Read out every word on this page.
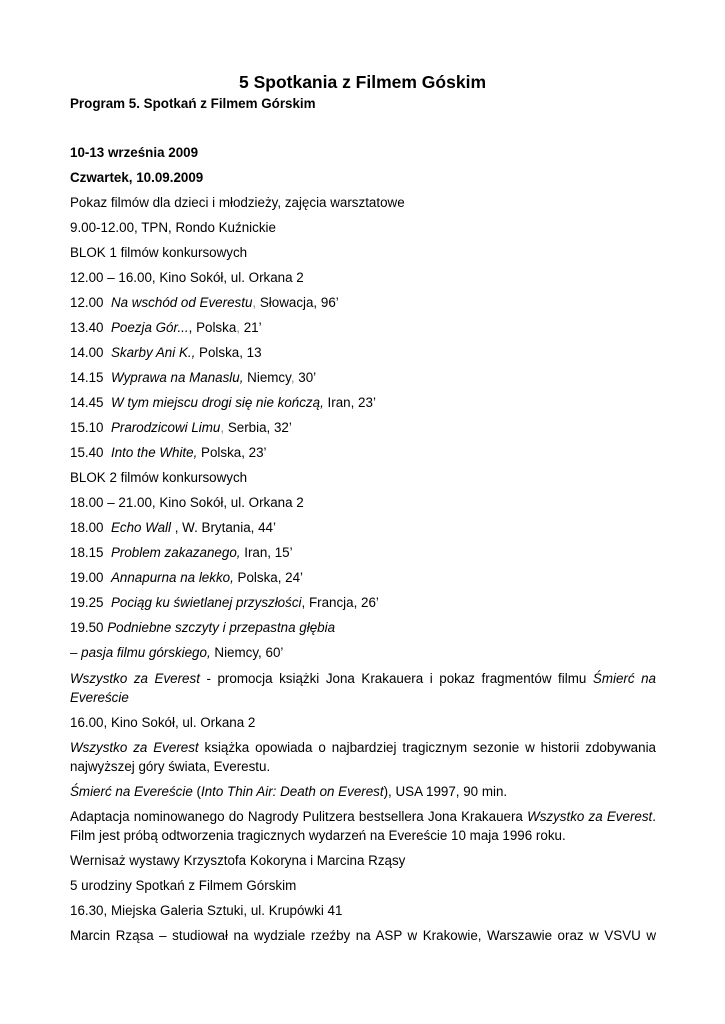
5 Spotkania z Filmem Góskim
Program 5. Spotkań z Filmem Górskim
10-13 września 2009
Czwartek, 10.09.2009
Pokaz filmów dla dzieci i młodzieży, zajęcia warsztatowe
9.00-12.00, TPN, Rondo Kuźnickie
BLOK 1 filmów konkursowych
12.00 – 16.00, Kino Sokół, ul. Orkana 2
12.00 Na wschód od Everestu, Słowacja, 96’
13.40 Poezja Gór..., Polska, 21’
14.00 Skarby Ani K., Polska, 13
14.15 Wyprawa na Manaslu, Niemcy, 30’
14.45 W tym miejscu drogi się nie kończą, Iran, 23’
15.10 Prarodzicowi Limu, Serbia, 32’
15.40 Into the White, Polska, 23’
BLOK 2 filmów konkursowych
18.00 – 21.00, Kino Sokół, ul. Orkana 2
18.00 Echo Wall , W. Brytania, 44’
18.15 Problem zakazanego, Iran, 15’
19.00 Annapurna na lekko, Polska, 24’
19.25 Pociąg ku świetlanej przyszłości, Francja, 26’
19.50 Podniebne szczyty i przepastna głębia
– pasja filmu górskiego, Niemcy, 60’
Wszystko za Everest - promocja książki Jona Krakauera i pokaz fragmentów filmu Śmierć na
Evereście
16.00, Kino Sokół, ul. Orkana 2
Wszystko za Everest książka opowiada o najbardziej tragicznym sezonie w historii zdobywania
najwyższej góry świata, Everestu.
Śmierć na Evereście (Into Thin Air: Death on Everest), USA 1997, 90 min.
Adaptacja nominowanego do Nagrody Pulitzera bestsellera Jona Krakauera Wszystko za Everest.
Film jest próbą odtworzenia tragicznych wydarzeń na Evereście 10 maja 1996 roku.
Wernisaż wystawy Krzysztofa Kokoryna i Marcina Rząsy
5 urodziny Spotkań z Filmem Górskim
16.30, Miejska Galeria Sztuki, ul. Krupówki 41
Marcin Rząsa – studiował na wydziale rzeźby na ASP w Krakowie, Warszawie oraz w VSVU w
